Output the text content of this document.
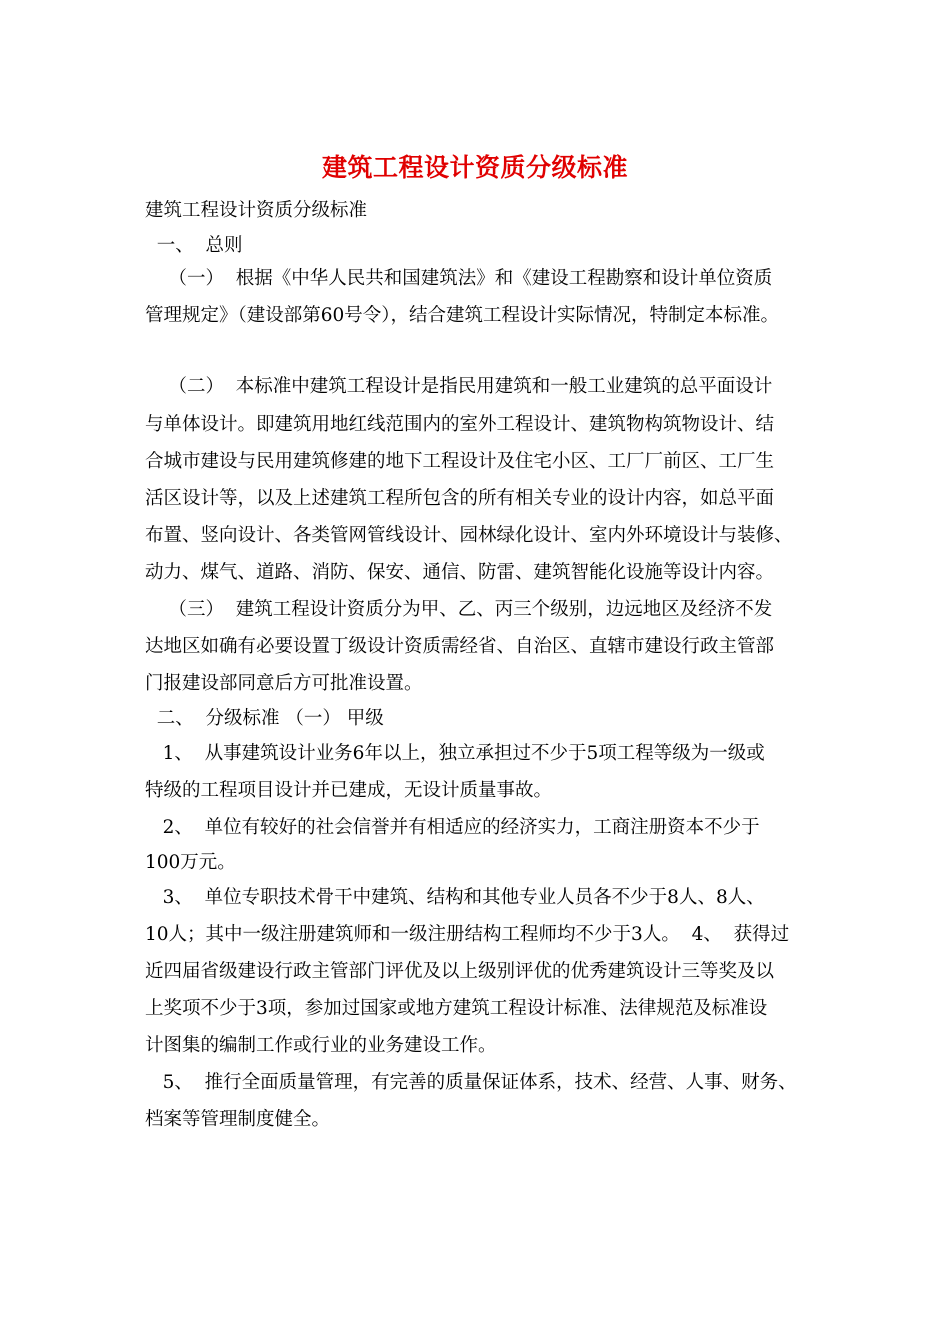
建筑工程设计资质分级标准
建筑工程设计资质分级标准
一、  总则
（一）  根据《中华人民共和国建筑法》和《建设工程勘察和设计单位资质
管理规定》（建设部第60号令），结合建筑工程设计实际情况，特制定本标准。
（二）  本标准中建筑工程设计是指民用建筑和一般工业建筑的总平面设计
与单体设计。即建筑用地红线范围内的室外工程设计、建筑物构筑物设计、结
合城市建设与民用建筑修建的地下工程设计及住宅小区、工厂厂前区、工厂生
活区设计等，以及上述建筑工程所包含的所有相关专业的设计内容，如总平面
布置、竖向设计、各类管网管线设计、园林绿化设计、室内外环境设计与装修、
动力、煤气、道路、消防、保安、通信、防雷、建筑智能化设施等设计内容。
（三）  建筑工程设计资质分为甲、乙、丙三个级别，边远地区及经济不发
达地区如确有必要设置丁级设计资质需经省、自治区、直辖市建设行政主管部
门报建设部同意后方可批准设置。
二、  分级标准 （一） 甲级
1、  从事建筑设计业务6年以上，独立承担过不少于5项工程等级为一级或
特级的工程项目设计并已建成，无设计质量事故。
2、  单位有较好的社会信誉并有相适应的经济实力，工商注册资本不少于
100万元。
3、  单位专职技术骨干中建筑、结构和其他专业人员各不少于8人、8人、
10人；其中一级注册建筑师和一级注册结构工程师均不少于3人。  4、  获得过
近四届省级建设行政主管部门评优及以上级别评优的优秀建筑设计三等奖及以
上奖项不少于3项，参加过国家或地方建筑工程设计标准、法律规范及标准设
计图集的编制工作或行业的业务建设工作。
5、  推行全面质量管理，有完善的质量保证体系，技术、经营、人事、财务、
档案等管理制度健全。
